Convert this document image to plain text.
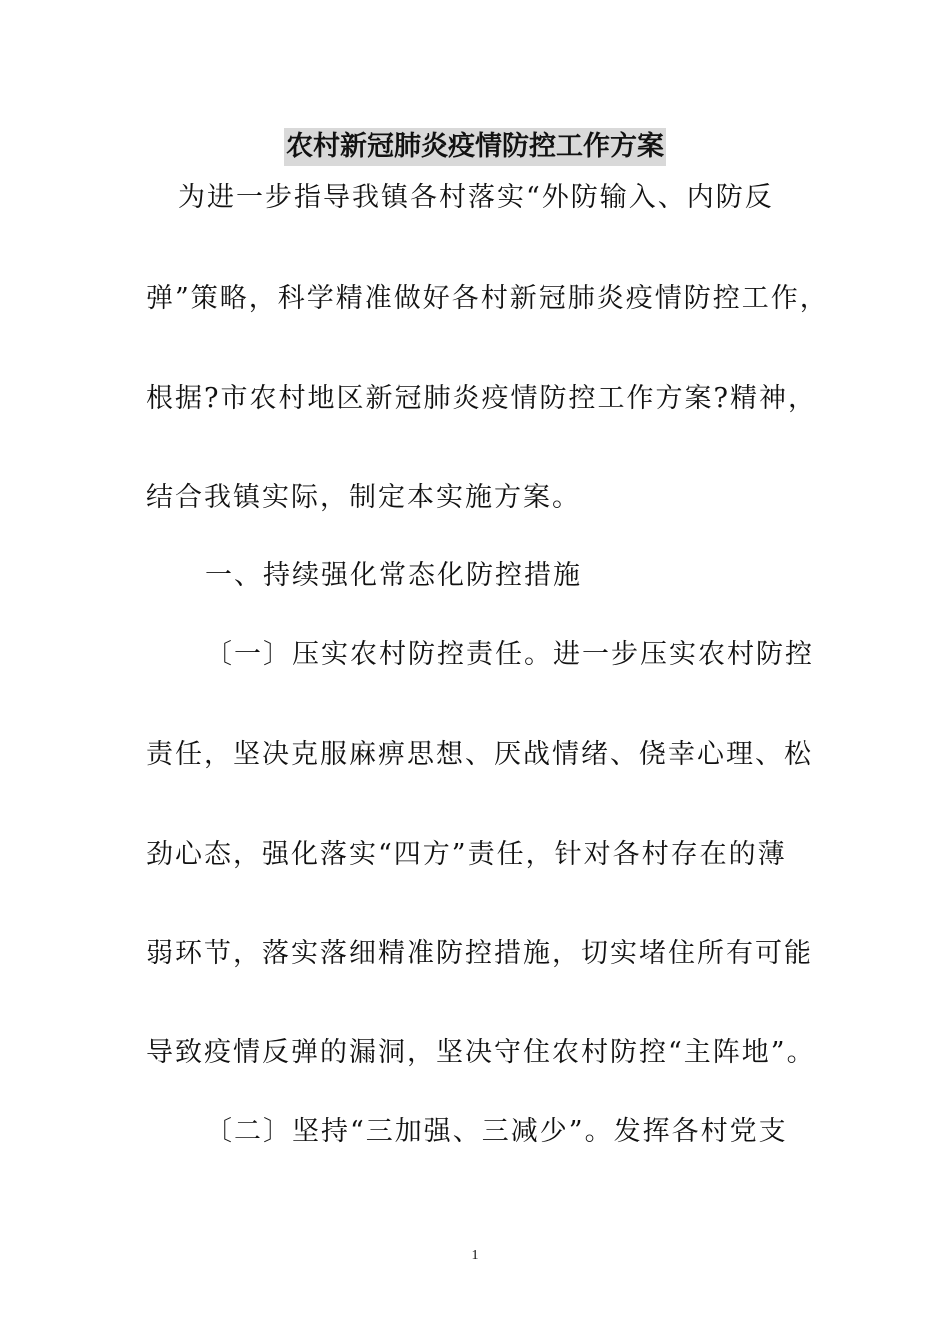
农村新冠肺炎疫情防控工作方案
为进一步指导我镇各村落实“外防输入、内防反
弹”策略，科学精准做好各村新冠肺炎疫情防控工作，
根据?市农村地区新冠肺炎疫情防控工作方案?精神，
结合我镇实际，制定本实施方案。
一、持续强化常态化防控措施
〔一〕压实农村防控责任。进一步压实农村防控
责任，坚决克服麻痹思想、厌战情绪、侥幸心理、松
劲心态，强化落实“四方”责任，针对各村存在的薄
弱环节，落实落细精准防控措施，切实堵住所有可能
导致疫情反弹的漏洞，坚决守住农村防控“主阵地”。
〔二〕坚持“三加强、三减少”。发挥各村党支
1
